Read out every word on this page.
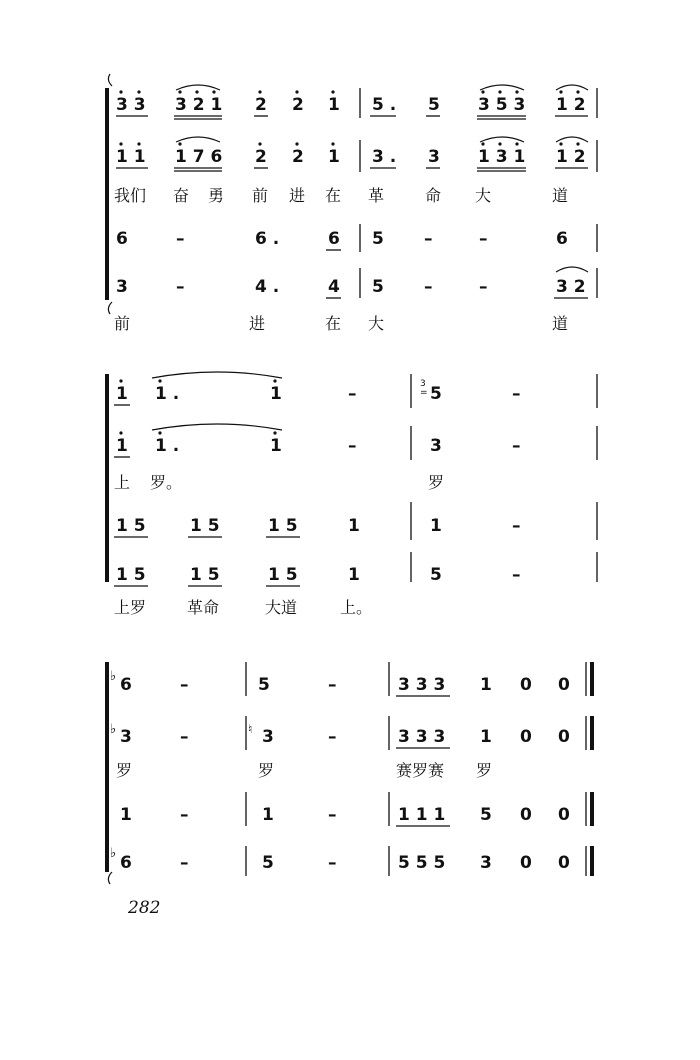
3 3 3 2 1 2 2 1 5 . 5 3 5 3 1 2
1 1 1 7 6 2 2 1 3 . 3 1 3 1 1 2
我们 奋 勇 前 进 在 革	命 大	道
6	–	6 .	6 5 –	–	6
3	–	4 .	4 5 –	–	3 2
前	进	在 大	道
1 1 .	1	–	5	–
3
=
1 1 .	1	–	3	–
上 罗。	罗
1 5	1 5	1 5	1	1	–
1 5	1 5	1 5	1	5	–
上罗	革命	大道	上。
♭ 6	–	5	–	3 3 3 1 0 0
♭ 3	–	♮ 3	–	3 3 3 1 0 0
罗	罗	赛罗赛 罗
1	–	1	–	1 1 1 5 0 0
♭ 6	–	5	–	5 5 5 3 0 0
282
